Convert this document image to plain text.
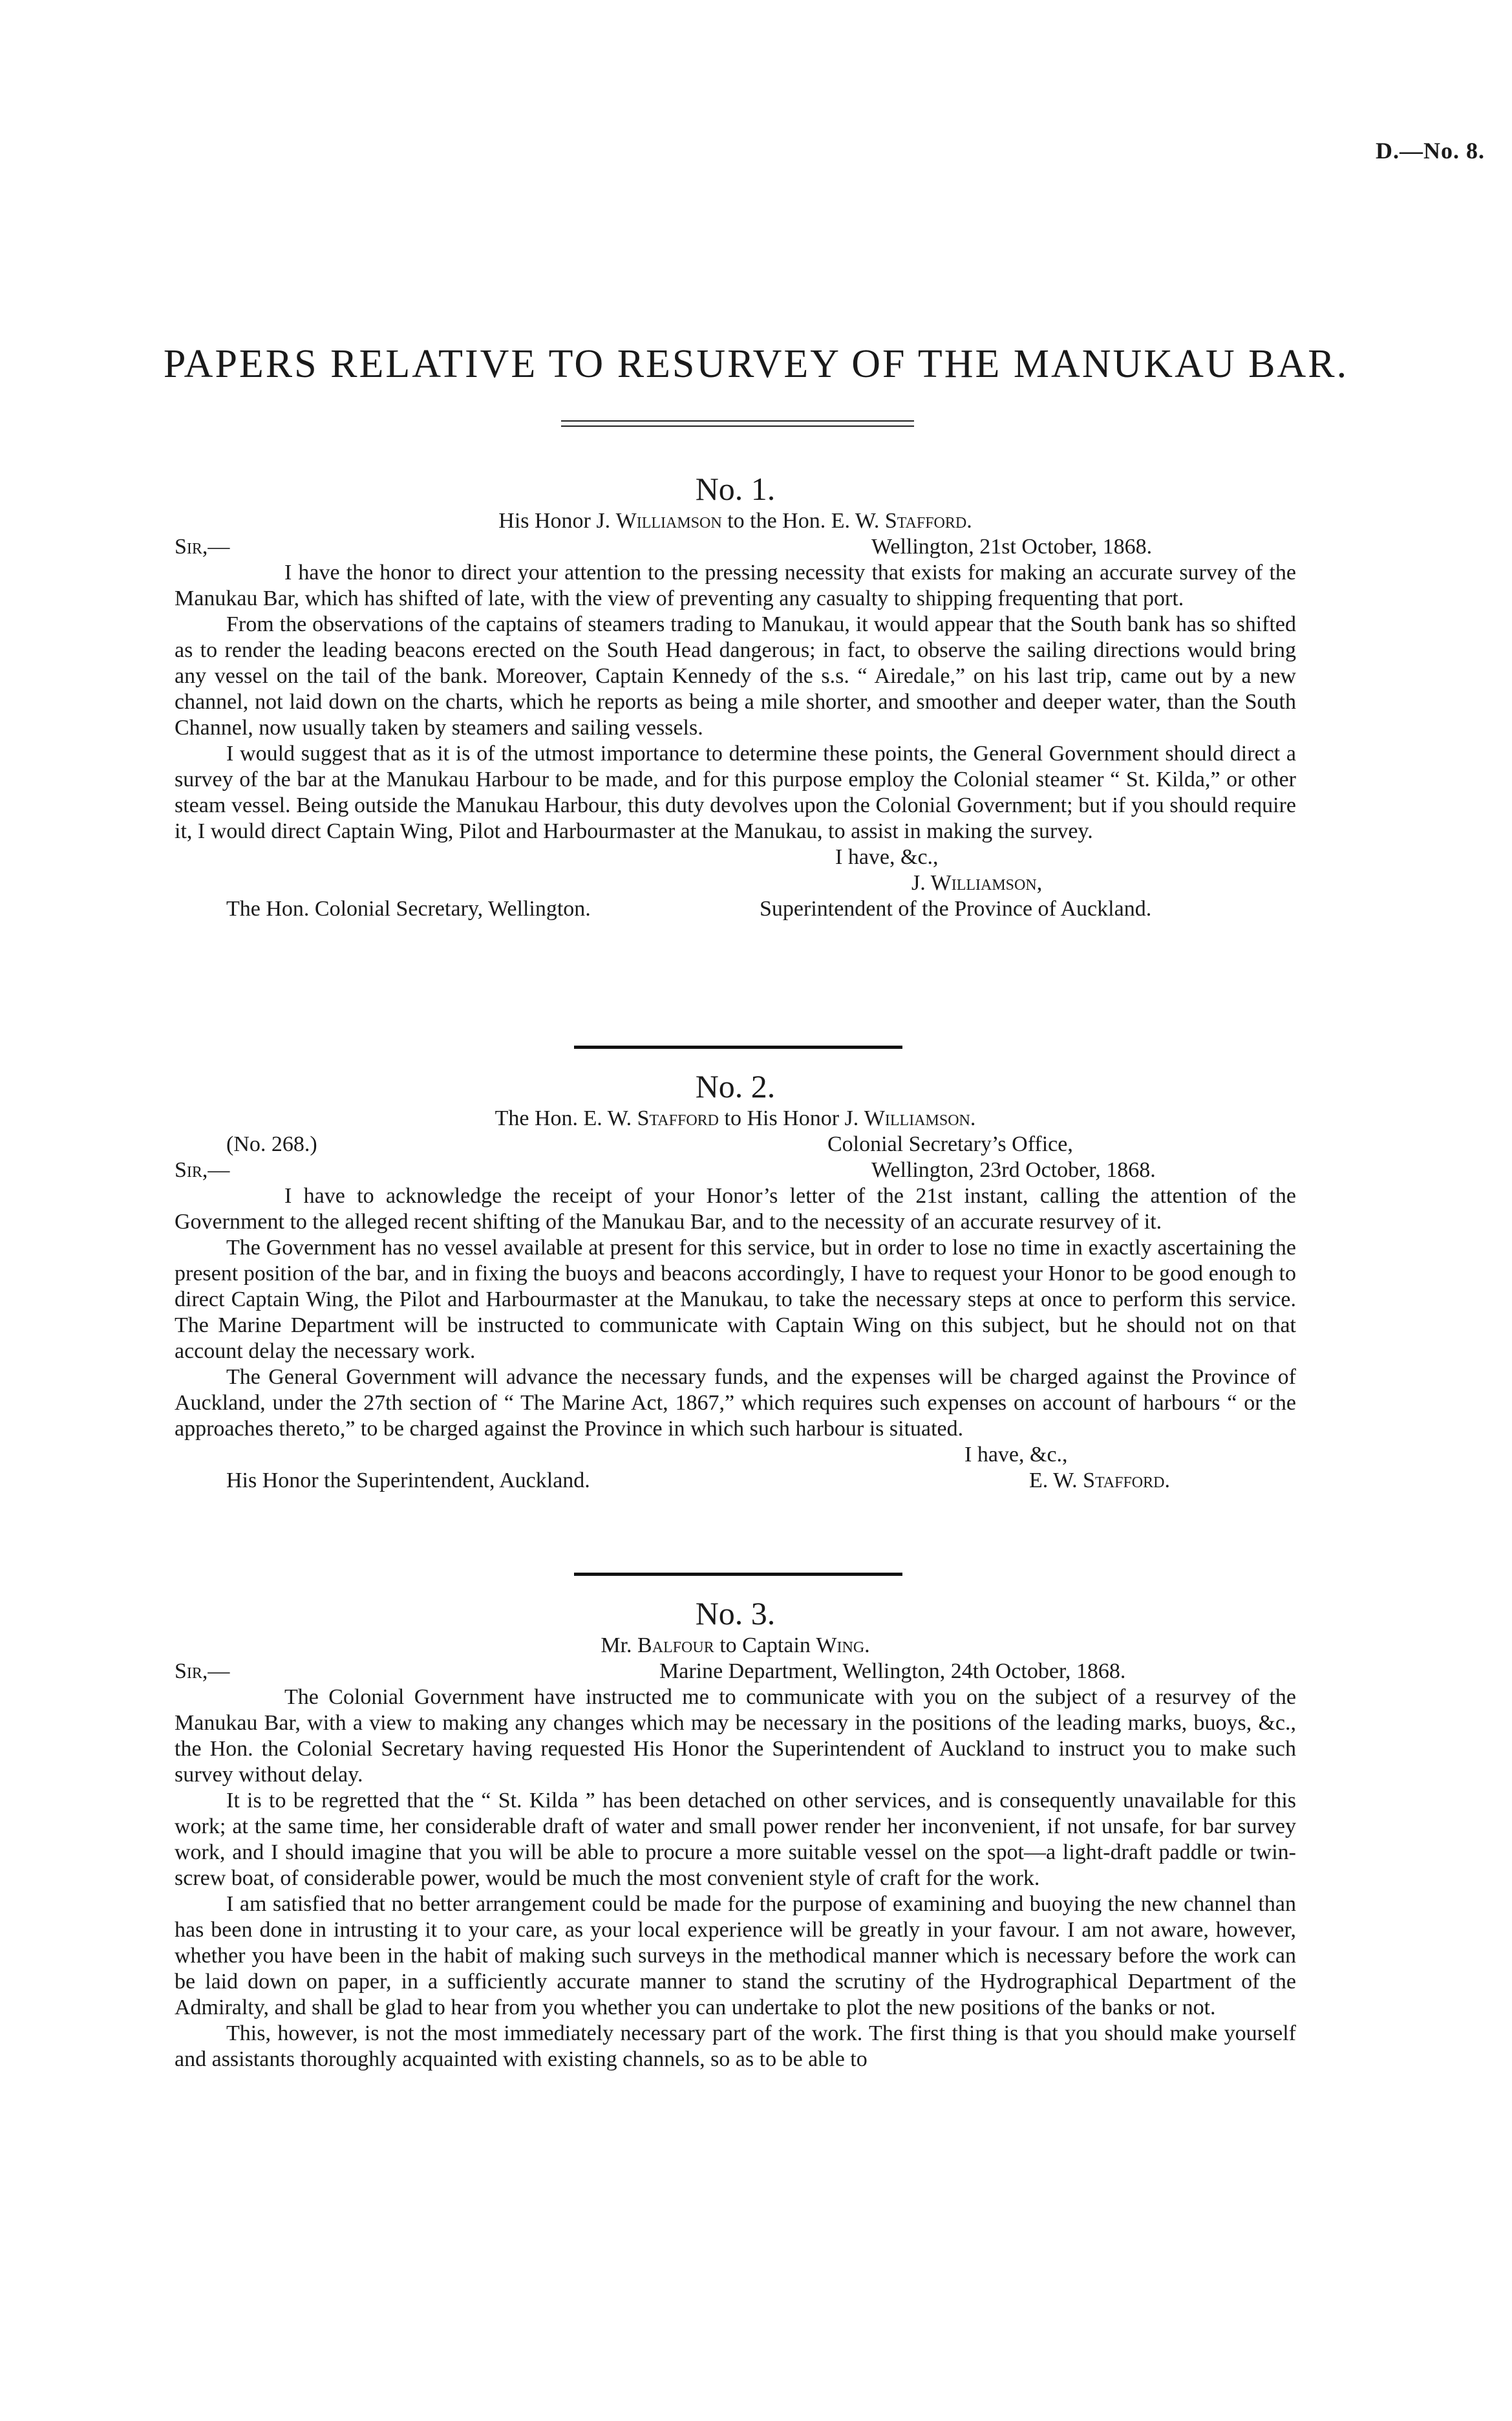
D.—No. 8.
PAPERS RELATIVE TO RESURVEY OF THE MANUKAU BAR.
No. 1.
His Honor J. Williamson to the Hon. E. W. Stafford.
Sir,—	Wellington, 21st October, 1868.

I have the honor to direct your attention to the pressing necessity that exists for making an accurate survey of the Manukau Bar, which has shifted of late, with the view of preventing any casualty to shipping frequenting that port.

From the observations of the captains of steamers trading to Manukau, it would appear that the South bank has so shifted as to render the leading beacons erected on the South Head dangerous; in fact, to observe the sailing directions would bring any vessel on the tail of the bank. Moreover, Captain Kennedy of the s.s. “ Airedale,” on his last trip, came out by a new channel, not laid down on the charts, which he reports as being a mile shorter, and smoother and deeper water, than the South Channel, now usually taken by steamers and sailing vessels.

I would suggest that as it is of the utmost importance to determine these points, the General Government should direct a survey of the bar at the Manukau Harbour to be made, and for this purpose employ the Colonial steamer “ St. Kilda,” or other steam vessel. Being outside the Manukau Harbour, this duty devolves upon the Colonial Government; but if you should require it, I would direct Captain Wing, Pilot and Harbourmaster at the Manukau, to assist in making the survey.

I have, &c.,
J. Williamson,
The Hon. Colonial Secretary, Wellington.	Superintendent of the Province of Auckland.
No. 2.
The Hon. E. W. Stafford to His Honor J. Williamson.
(No. 268.)	Colonial Secretary’s Office,
Sir,—	Wellington, 23rd October, 1868.

I have to acknowledge the receipt of your Honor’s letter of the 21st instant, calling the attention of the Government to the alleged recent shifting of the Manukau Bar, and to the necessity of an accurate resurvey of it.

The Government has no vessel available at present for this service, but in order to lose no time in exactly ascertaining the present position of the bar, and in fixing the buoys and beacons accordingly, I have to request your Honor to be good enough to direct Captain Wing, the Pilot and Harbourmaster at the Manukau, to take the necessary steps at once to perform this service. The Marine Department will be instructed to communicate with Captain Wing on this subject, but he should not on that account delay the necessary work.

The General Government will advance the necessary funds, and the expenses will be charged against the Province of Auckland, under the 27th section of “ The Marine Act, 1867,” which requires such expenses on account of harbours “ or the approaches thereto,” to be charged against the Province in which such harbour is situated.

I have, &c.,
His Honor the Superintendent, Auckland.	E. W. Stafford.
No. 3.
Mr. Balfour to Captain Wing.
Sir,—	Marine Department, Wellington, 24th October, 1868.

The Colonial Government have instructed me to communicate with you on the subject of a resurvey of the Manukau Bar, with a view to making any changes which may be necessary in the positions of the leading marks, buoys, &c., the Hon. the Colonial Secretary having requested His Honor the Superintendent of Auckland to instruct you to make such survey without delay.

It is to be regretted that the “ St. Kilda ” has been detached on other services, and is consequently unavailable for this work; at the same time, her considerable draft of water and small power render her inconvenient, if not unsafe, for bar survey work, and I should imagine that you will be able to procure a more suitable vessel on the spot—a light-draft paddle or twin-screw boat, of considerable power, would be much the most convenient style of craft for the work.

I am satisfied that no better arrangement could be made for the purpose of examining and buoying the new channel than has been done in intrusting it to your care, as your local experience will be greatly in your favour. I am not aware, however, whether you have been in the habit of making such surveys in the methodical manner which is necessary before the work can be laid down on paper, in a sufficiently accurate manner to stand the scrutiny of the Hydrographical Department of the Admiralty, and shall be glad to hear from you whether you can undertake to plot the new positions of the banks or not.

This, however, is not the most immediately necessary part of the work. The first thing is that you should make yourself and assistants thoroughly acquainted with existing channels, so as to be able to
